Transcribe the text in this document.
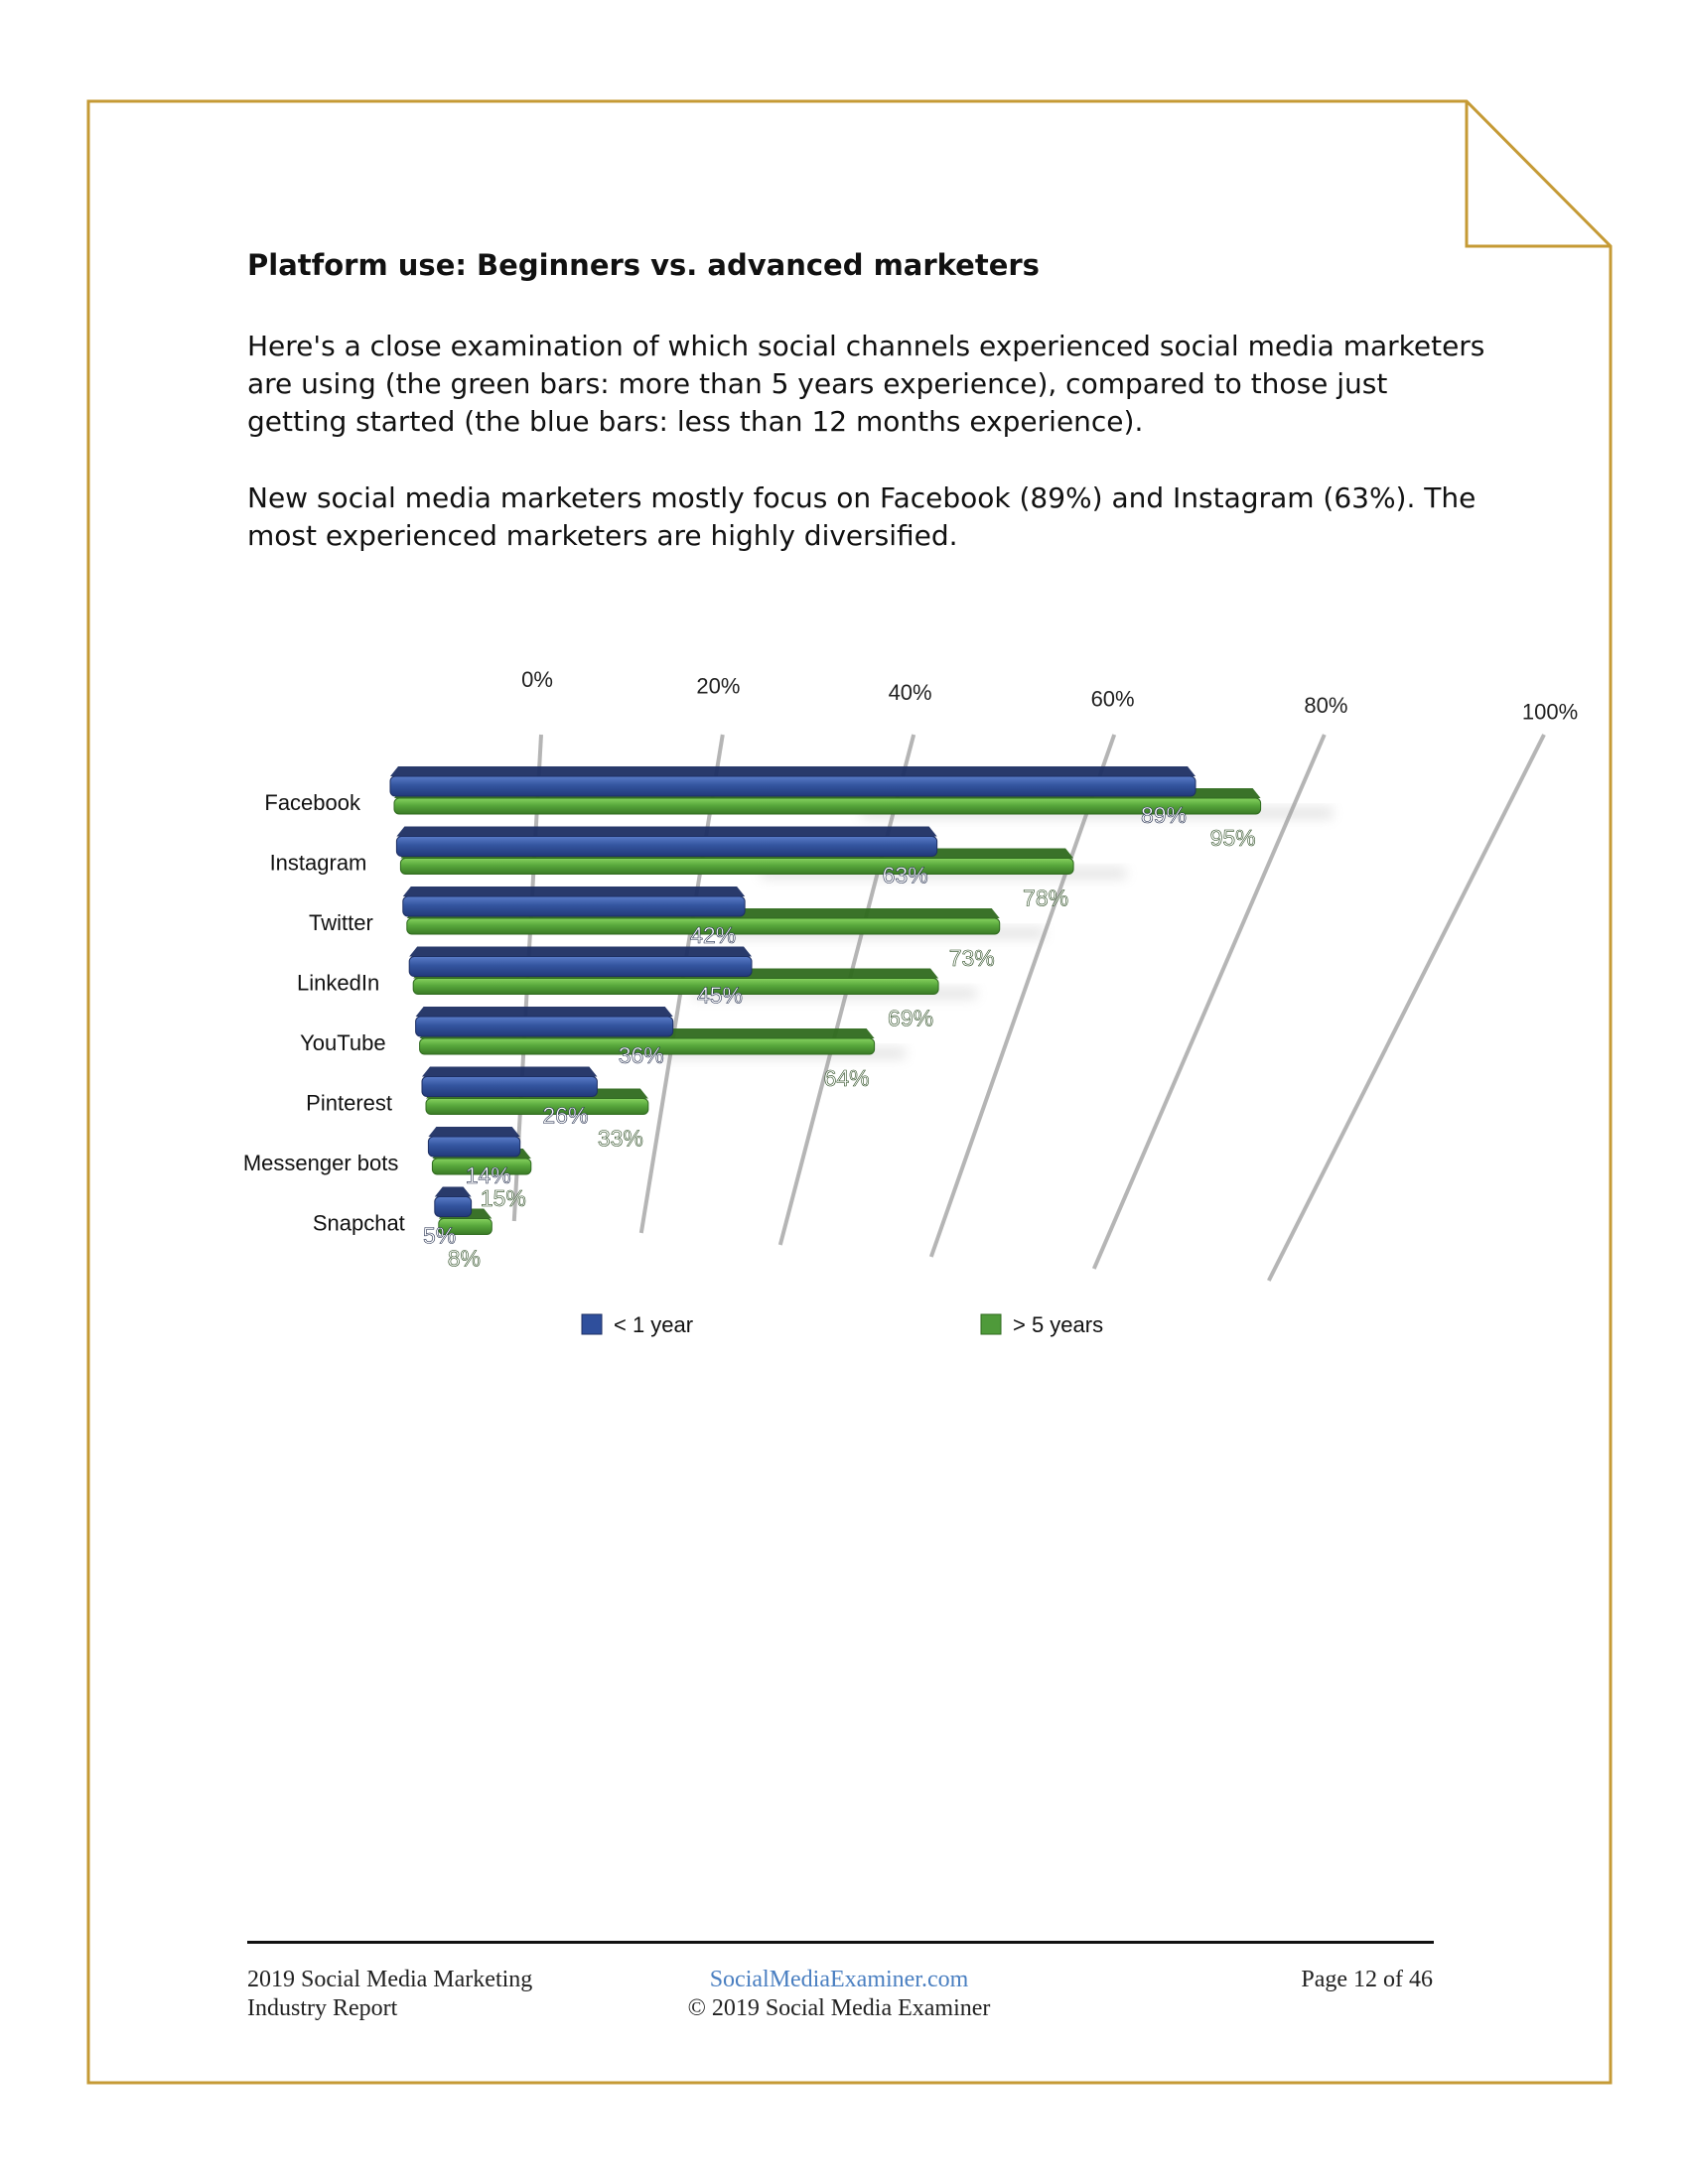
Platform use: Beginners vs. advanced marketers
Here's a close examination of which social channels experienced social media marketers
are using (the green bars: more than 5 years experience), compared to those just
getting started (the blue bars: less than 12 months experience).
New social media marketers mostly focus on Facebook (89%) and Instagram (63%). The
most experienced marketers are highly diversified.
0%	20%	40%	60%	80%	100%
89%
95%
Facebook
63%
78%
Instagram
42%
73%
Twitter
45%
69%
LinkedIn
36%
64%
YouTube
26%
33%
Pinterest
14%
15%
Messenger bots
5%
8%
Snapchat
< 1 year	> 5 years
2019 Social Media Marketing
Industry Report
SocialMediaExaminer.com
© 2019 Social Media Examiner
Page 12 of 46
